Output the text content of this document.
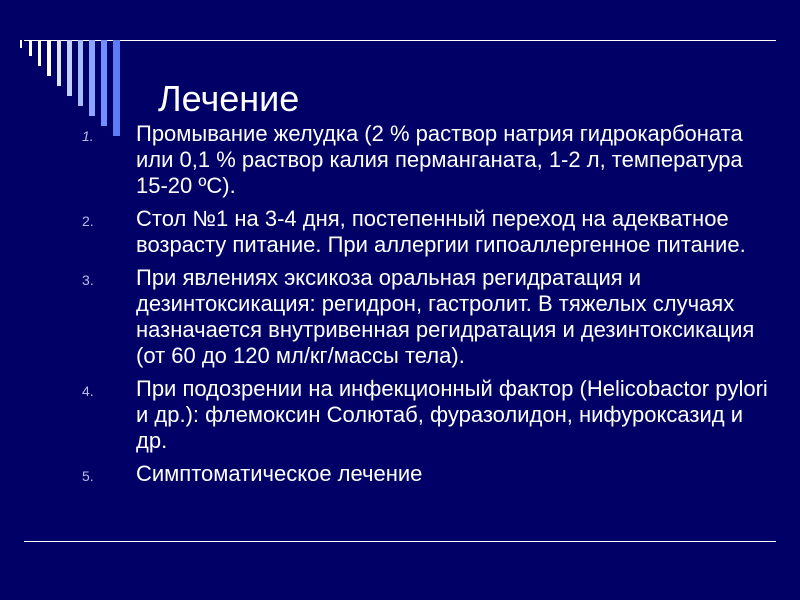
Лечение
1. Промывание желудка (2 % раствор натрия гидрокарбоната или 0,1 % раствор калия перманганата, 1-2 л, температура 15-20 ºС).
2. Стол №1 на 3-4 дня, постепенный переход на адекватное возрасту питание. При аллергии гипоаллергенное питание.
3. При явлениях эксикоза оральная регидратация и дезинтоксикация: регидрон, гастролит. В тяжелых случаях назначается внутривенная регидратация и дезинтоксикация (от 60 до 120 мл/кг/массы тела).
4. При подозрении на инфекционный фактор (Helicobactor pylori и др.): флемоксин Солютаб, фуразолидон, нифуроксазид и др.
5. Симптоматическое лечение
